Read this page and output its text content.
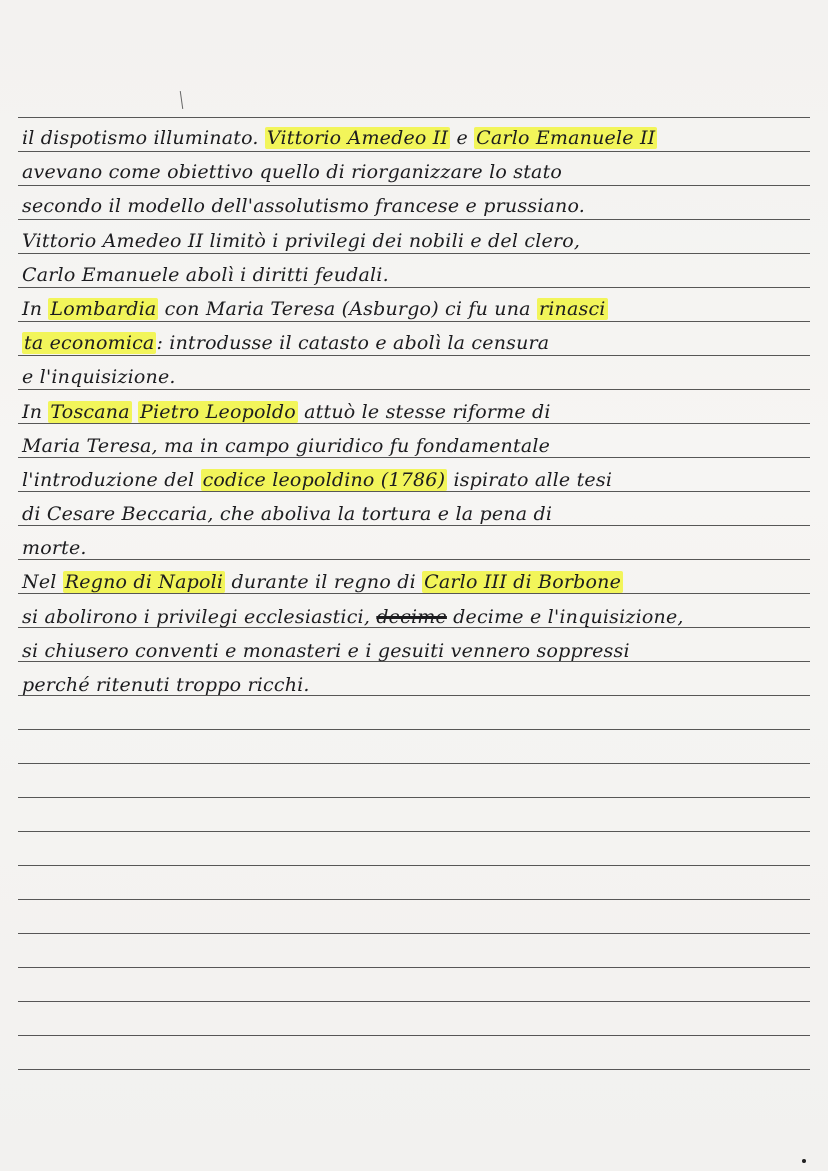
il dispotismo illuminato. Vittorio Amedeo II e Carlo Emanuele II
avevano come obiettivo quello di riorganizzare lo stato
secondo il modello dell'assolutismo francese e prussiano.
Vittorio Amedeo II limitò i privilegi dei nobili e del clero,
Carlo Emanuele abolì i diritti feudali.
In Lombardia con Maria Teresa (Asburgo) ci fu una rinasci
ta economica : introdusse il catasto e abolì la censura
e l'inquisizione.
In Toscana Pietro Leopoldo attuò le stesse riforme di
Maria Teresa, ma in campo giuridico fu fondamentale
l'introduzione del codice leopoldino (1786) ispirato alle tesi
di Cesare Beccaria, che aboliva la tortura e la pena di
morte.
Nel Regno di Napoli durante il regno di Carlo III di Borbone
si abolirono i privilegi ecclesiastici, decime decime e l'inquisizione,
si chiusero conventi e monasteri e i gesuiti vennero soppressi
perché ritenuti troppo ricchi.
